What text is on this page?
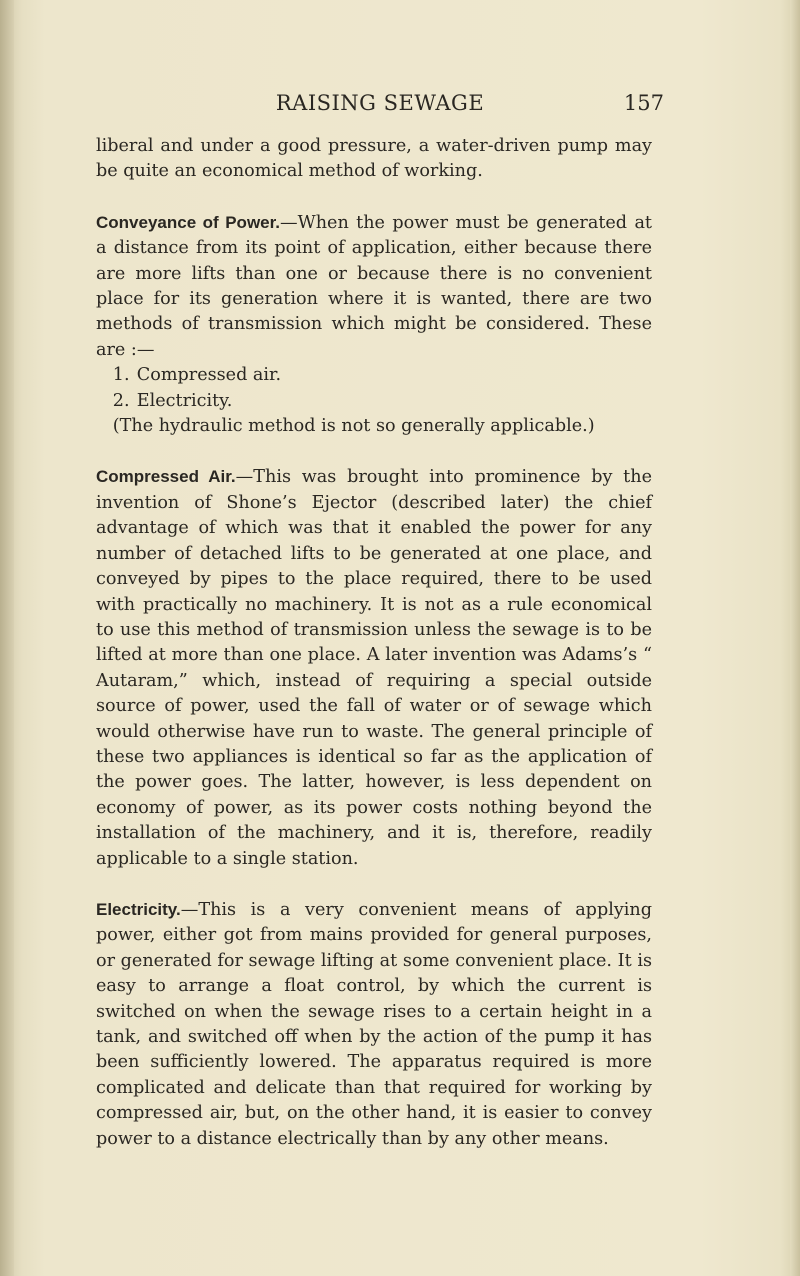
RAISING SEWAGE	157

liberal and under a good pressure, a water-driven pump may be quite an economical method of working.

Conveyance of Power.—When the power must be generated at a distance from its point of application, either because there are more lifts than one or because there is no convenient place for its generation where it is wanted, there are two methods of transmission which might be considered. These are :—

1. Compressed air.

2. Electricity.

(The hydraulic method is not so generally applicable.)

Compressed Air.—This was brought into prominence by the invention of Shone’s Ejector (described later) the chief advantage of which was that it enabled the power for any number of detached lifts to be generated at one place, and conveyed by pipes to the place required, there to be used with practically no machinery. It is not as a rule economical to use this method of transmission unless the sewage is to be lifted at more than one place. A later invention was Adams’s “ Autaram,” which, instead of requiring a special outside source of power, used the fall of water or of sewage which would otherwise have run to waste. The general principle of these two appliances is identical so far as the application of the power goes. The latter, however, is less dependent on economy of power, as its power costs nothing beyond the installation of the machinery, and it is, therefore, readily applicable to a single station.

Electricity.—This is a very convenient means of applying power, either got from mains provided for general purposes, or generated for sewage lifting at some convenient place. It is easy to arrange a float control, by which the current is switched on when the sewage rises to a certain height in a tank, and switched off when by the action of the pump it has been sufficiently lowered. The apparatus required is more complicated and delicate than that required for working by compressed air, but, on the other hand, it is easier to convey power to a distance electrically than by any other means.
